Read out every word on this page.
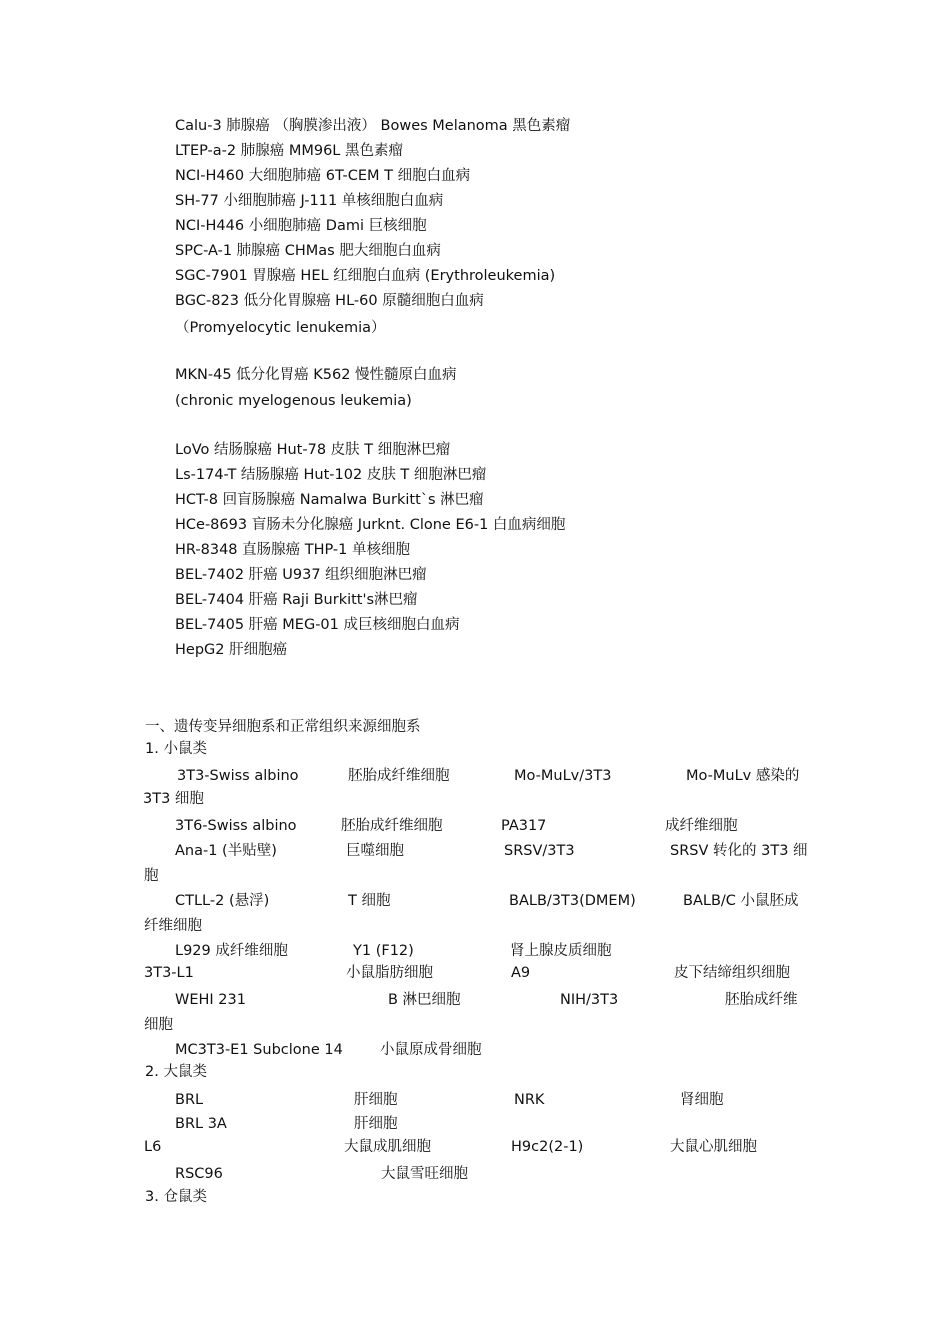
Calu-3 肺腺癌 （胸膜渗出液） Bowes Melanoma 黑色素瘤
LTEP-a-2 肺腺癌 MM96L 黑色素瘤
NCI-H460 大细胞肺癌 6T-CEM T 细胞白血病
SH-77 小细胞肺癌 J-111 单核细胞白血病
NCI-H446 小细胞肺癌 Dami 巨核细胞
SPC-A-1 肺腺癌 CHMas 肥大细胞白血病
SGC-7901 胃腺癌 HEL 红细胞白血病 (Erythroleukemia)
BGC-823 低分化胃腺癌 HL-60 原髓细胞白血病
（Promyelocytic lenukemia）
MKN-45 低分化胃癌 K562 慢性髓原白血病
(chronic myelogenous leukemia)
LoVo 结肠腺癌 Hut-78 皮肤 T 细胞淋巴瘤
Ls-174-T 结肠腺癌 Hut-102 皮肤 T 细胞淋巴瘤
HCT-8 回盲肠腺癌 Namalwa Burkitt`s 淋巴瘤
HCe-8693 盲肠未分化腺癌 Jurknt. Clone E6-1 白血病细胞
HR-8348 直肠腺癌 THP-1 单核细胞
BEL-7402 肝癌 U937 组织细胞淋巴瘤
BEL-7404 肝癌 Raji Burkitt's淋巴瘤
BEL-7405 肝癌 MEG-01 成巨核细胞白血病
HepG2 肝细胞癌
一、遗传变异细胞系和正常组织来源细胞系
1. 小鼠类
3T3-Swiss albino	胚胎成纤维细胞	Mo-MuLv/3T3	Mo-MuLv 感染的
3T3 细胞
3T6-Swiss albino	胚胎成纤维细胞	PA317	成纤维细胞
Ana-1 (半贴壁)	巨噬细胞	SRSV/3T3	SRSV 转化的 3T3 细
胞
CTLL-2 (悬浮)	T 细胞	BALB/3T3(DMEM)	BALB/C 小鼠胚成
纤维细胞
L929 成纤维细胞	Y1 (F12)	肾上腺皮质细胞
3T3-L1	小鼠脂肪细胞	A9	皮下结缔组织细胞
WEHI 231	B 淋巴细胞	NIH/3T3	胚胎成纤维
细胞
MC3T3-E1 Subclone 14	小鼠原成骨细胞
2. 大鼠类
BRL	肝细胞	NRK	肾细胞
BRL 3A	肝细胞
L6	大鼠成肌细胞	H9c2(2-1)	大鼠心肌细胞
RSC96	大鼠雪旺细胞
3. 仓鼠类
